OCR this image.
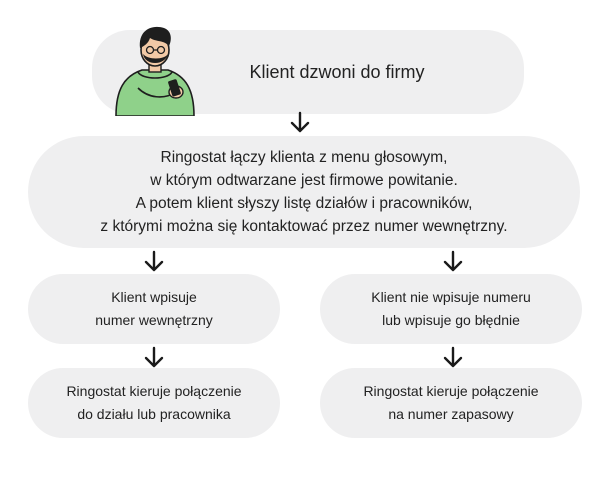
Klient dzwoni do firmy
Ringostat łączy klienta z menu głosowym,
w którym odtwarzane jest firmowe powitanie.
A potem klient słyszy listę działów i pracowników,
z którymi można się kontaktować przez numer wewnętrzny.
Klient wpisuje
numer wewnętrzny
Ringostat kieruje połączenie
do działu lub pracownika
Klient nie wpisuje numeru
lub wpisuje go błędnie
Ringostat kieruje połączenie
na numer zapasowy
